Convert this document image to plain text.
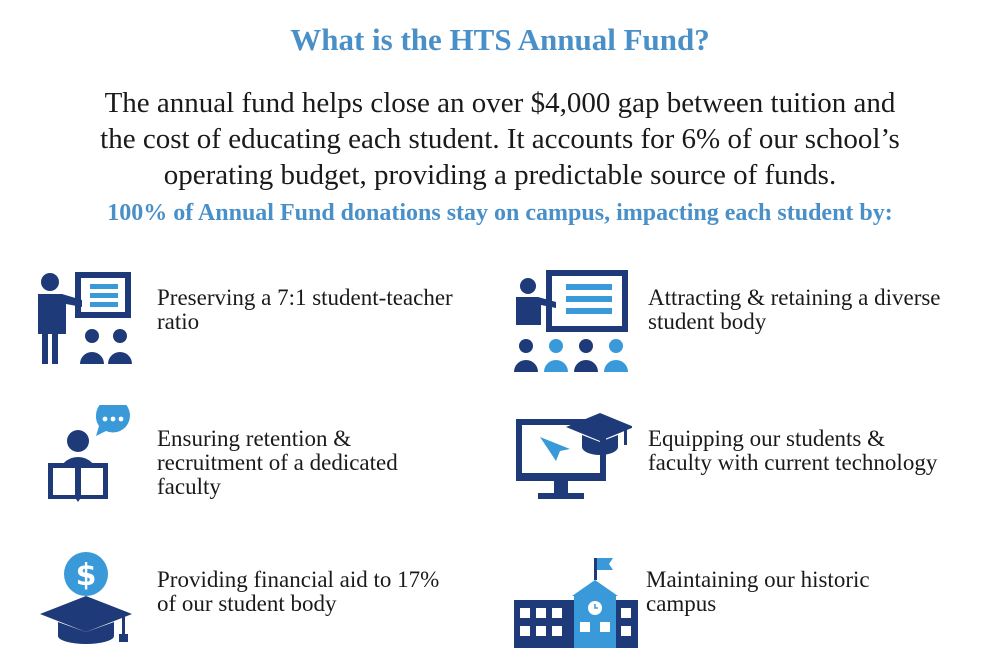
What is the HTS Annual Fund?
The annual fund helps close an over $4,000 gap between tuition and
the cost of educating each student. It accounts for 6% of our school’s
operating budget, providing a predictable source of funds.
100% of Annual Fund donations stay on campus, impacting each student by:
Preserving a 7:1 student-teacher
ratio
Attracting & retaining a diverse
student body
Ensuring retention &
recruitment of a dedicated
faculty
Equipping our students &
faculty with current technology
$	Providing financial aid to 17%
of our student body
Maintaining our historic
campus
